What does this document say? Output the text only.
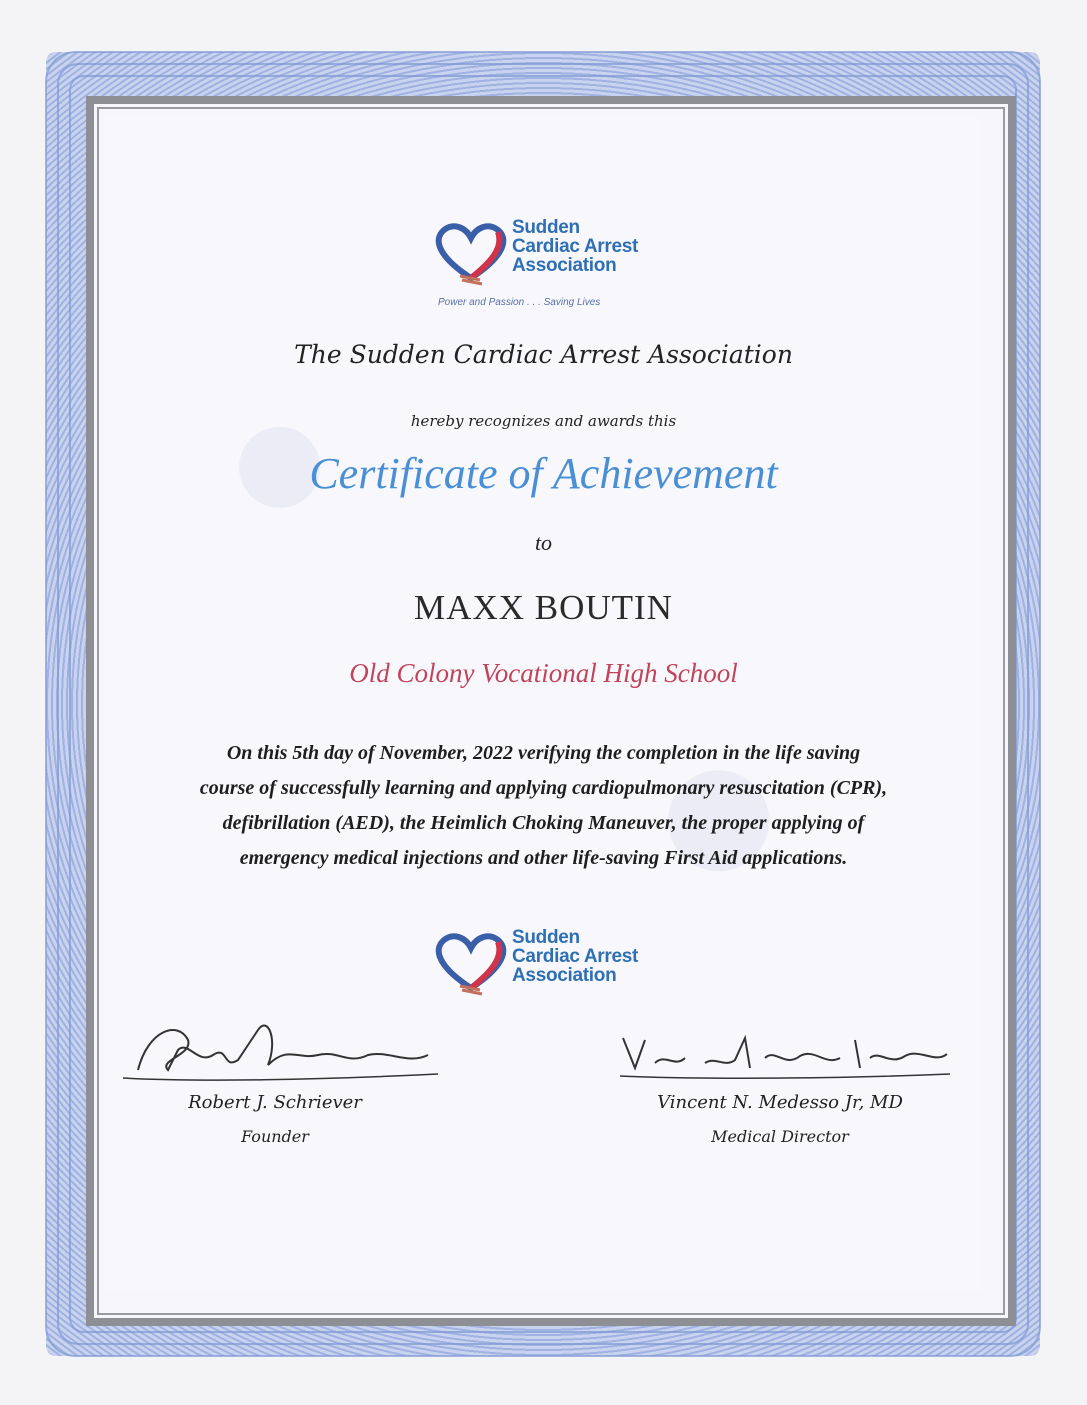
Sudden
Cardiac Arrest
Association
Power and Passion . . . Saving Lives
The Sudden Cardiac Arrest Association
hereby recognizes and awards this
Certificate of Achievement
to
MAXX BOUTIN
Old Colony Vocational High School
On this 5th day of November, 2022 verifying the completion in the life saving
course of successfully learning and applying cardiopulmonary resuscitation (CPR),
defibrillation (AED), the Heimlich Choking Maneuver, the proper applying of
emergency medical injections and other life-saving First Aid applications.
Sudden
Cardiac Arrest
Association
Robert J. Schriever
Founder
Vincent N. Medesso Jr, MD
Medical Director
